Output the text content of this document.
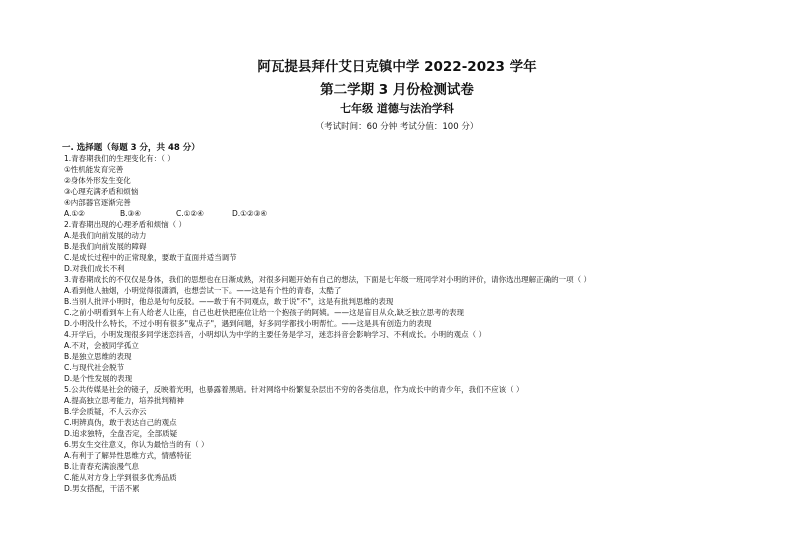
阿瓦提县拜什艾日克镇中学 2022-2023 学年
第二学期 3 月份检测试卷
七年级 道德与法治学科
（考试时间：60 分钟 考试分值：100 分）
一. 选择题（每题 3 分，共 48 分）
1.青春期我们的生理变化有：（ ）
①性机能发育完善
②身体外形发生变化
③心理充满矛盾和烦恼
④内部器官逐渐完善
A.①②	B.③④	C.①②④	D.①②③④
2.青春期出现的心理矛盾和烦恼（ ）
A.是我们向前发展的动力
B.是我们向前发展的障碍
C.是成长过程中的正常现象，要敢于直面并适当调节
D.对我们成长不利
3.青春期成长的不仅仅是身体，我们的思想也在日渐成熟，对很多问题开始有自己的想法，下面是七年级一班同学对小明的评价，请你选出理解正确的一项（ ）
A.看到他人抽烟，小明觉得很潇洒，也想尝试一下。——这是有个性的青春，太酷了
B.当别人批评小明时，他总是句句反驳。——敢于有不同观点，敢于说"不"，这是有批判思维的表现
C.之前小明看到车上有人给老人让座，自己也赶快把座位让给一个抱孩子的阿姨。——这是盲目从众,缺乏独立思考的表现
D.小明没什么特长，不过小明有很多"鬼点子"，遇到问题，好多同学都找小明帮忙。——这是具有创造力的表现
4.开学后，小明发现很多同学迷恋抖音，小明却认为中学的主要任务是学习，迷恋抖音会影响学习、不利成长。小明的观点（ ）
A.不对，会被同学孤立
B.是独立思维的表现
C.与现代社会脱节
D.是个性发展的表现
5.公共传媒是社会的镜子，反映着光明，也暴露着黑暗。针对网络中纷繁复杂层出不穷的各类信息，作为成长中的青少年，我们不应该（ ）
A.提高独立思考能力，培养批判精神
B.学会质疑，不人云亦云
C.明辨真伪，敢于表达自己的观点
D.追求独特，全盘否定，全部质疑
6.男女生交往意义，你认为最恰当的有（ ）
A.有利于了解异性思维方式，情感特征
B.让青春充满浪漫气息
C.能从对方身上学到很多优秀品质
D.男女搭配，干活不累
